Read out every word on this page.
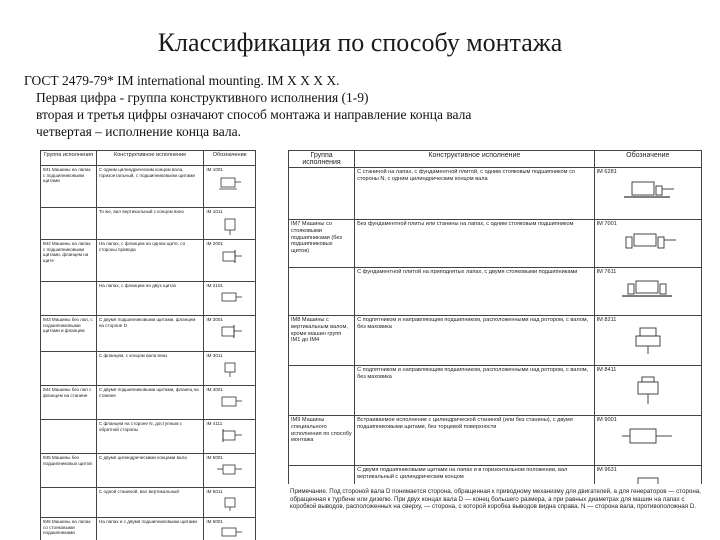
Классификация по способу монтажа
ГОСТ 2479-79* IM international mounting. IM X X X X.
Первая цифра - группа конструктивного исполнения (1-9)
вторая и третья цифры означают способ монтажа и направление конца вала
четвертая – исполнение конца вала.
Группа исполнения	Конструктивное исполнение	Обозначение
IM1 Машины на лапах с подшипниковыми щитами	С одним цилиндрическим концом вала, горизонтальный, с подшипниковыми щитами	IM 1001

	То же, вал вертикальный с концом вниз	IM 1011

IM2 Машины на лапах с подшипниковыми щитами, фланцем на щите	На лапах, с фланцем на одном щите, со стороны привода	IM 2001

	На лапах, с фланцем на двух щитах	IM 2101

IM3 Машины без лап, с подшипниковыми щитами и фланцем	С двумя подшипниковыми щитами, фланцем на стороне D	IM 3001

	С фланцем, с концом вала вниз	IM 3011

IM4 Машины без лап с фланцем на станине	С двумя подшипниковыми щитами, фланец на станине	IM 4001

	С фланцем на стороне N, доступным с обратной стороны	IM 4111

IM5 Машины без подшипниковых щитов	С двумя цилиндрическими концами вала	IM 5001

	С одной станиной, вал вертикальный	IM 5011

IM6 Машины на лапах со стояковыми подшипниками	На лапах и с двумя подшипниковыми щитами	IM 6001
Группа исполнения	Конструктивное исполнение	Обозначение
	С станиной на лапах, с фундаментной плитой, с одним стояковым подшипником со стороны N, с одним цилиндрическим концом вала	IM 6281

IM7 Машины со стояковыми подшипниками (без подшипниковых щитов)	Без фундаментной плиты или станины на лапах, с одним стояковым подшипником	IM 7001

	С фундаментной плитой на приподнятых лапах, с двумя стояковыми подшипниками	IM 7611

IM8 Машины с вертикальным валом, кроме машин групп IM1 до IM4	С подпятником и направляющим подшипником, расположенными над ротором, с валом, без маховика	IM 8211

	С подпятником и направляющим подшипником, расположенными над ротором, с валом, без маховика	IM 8411

IM9 Машины специального исполнения по способу монтажа	Встраиваемое исполнение с цилиндрической станиной (или без станины), с двумя подшипниковыми щитами, без торцевой поверхности	IM 9001

	С двумя подшипниковыми щитами на лапах и в горизонтальном положении, вал вертикальный с цилиндрическим концом	IM 9631
Примечание. Под стороной вала D понимается сторона, обращенная к приводному механизму для двигателей, а для генераторов — сторона, обращенная к турбине или дизелю. При двух концах вала D — конец большего размера, а при равных диаметрах для машин на лапах с коробкой выводов, расположенных на сверху, — сторона, с которой коробка выводов видна справа. N — сторона вала, противоположная D.
